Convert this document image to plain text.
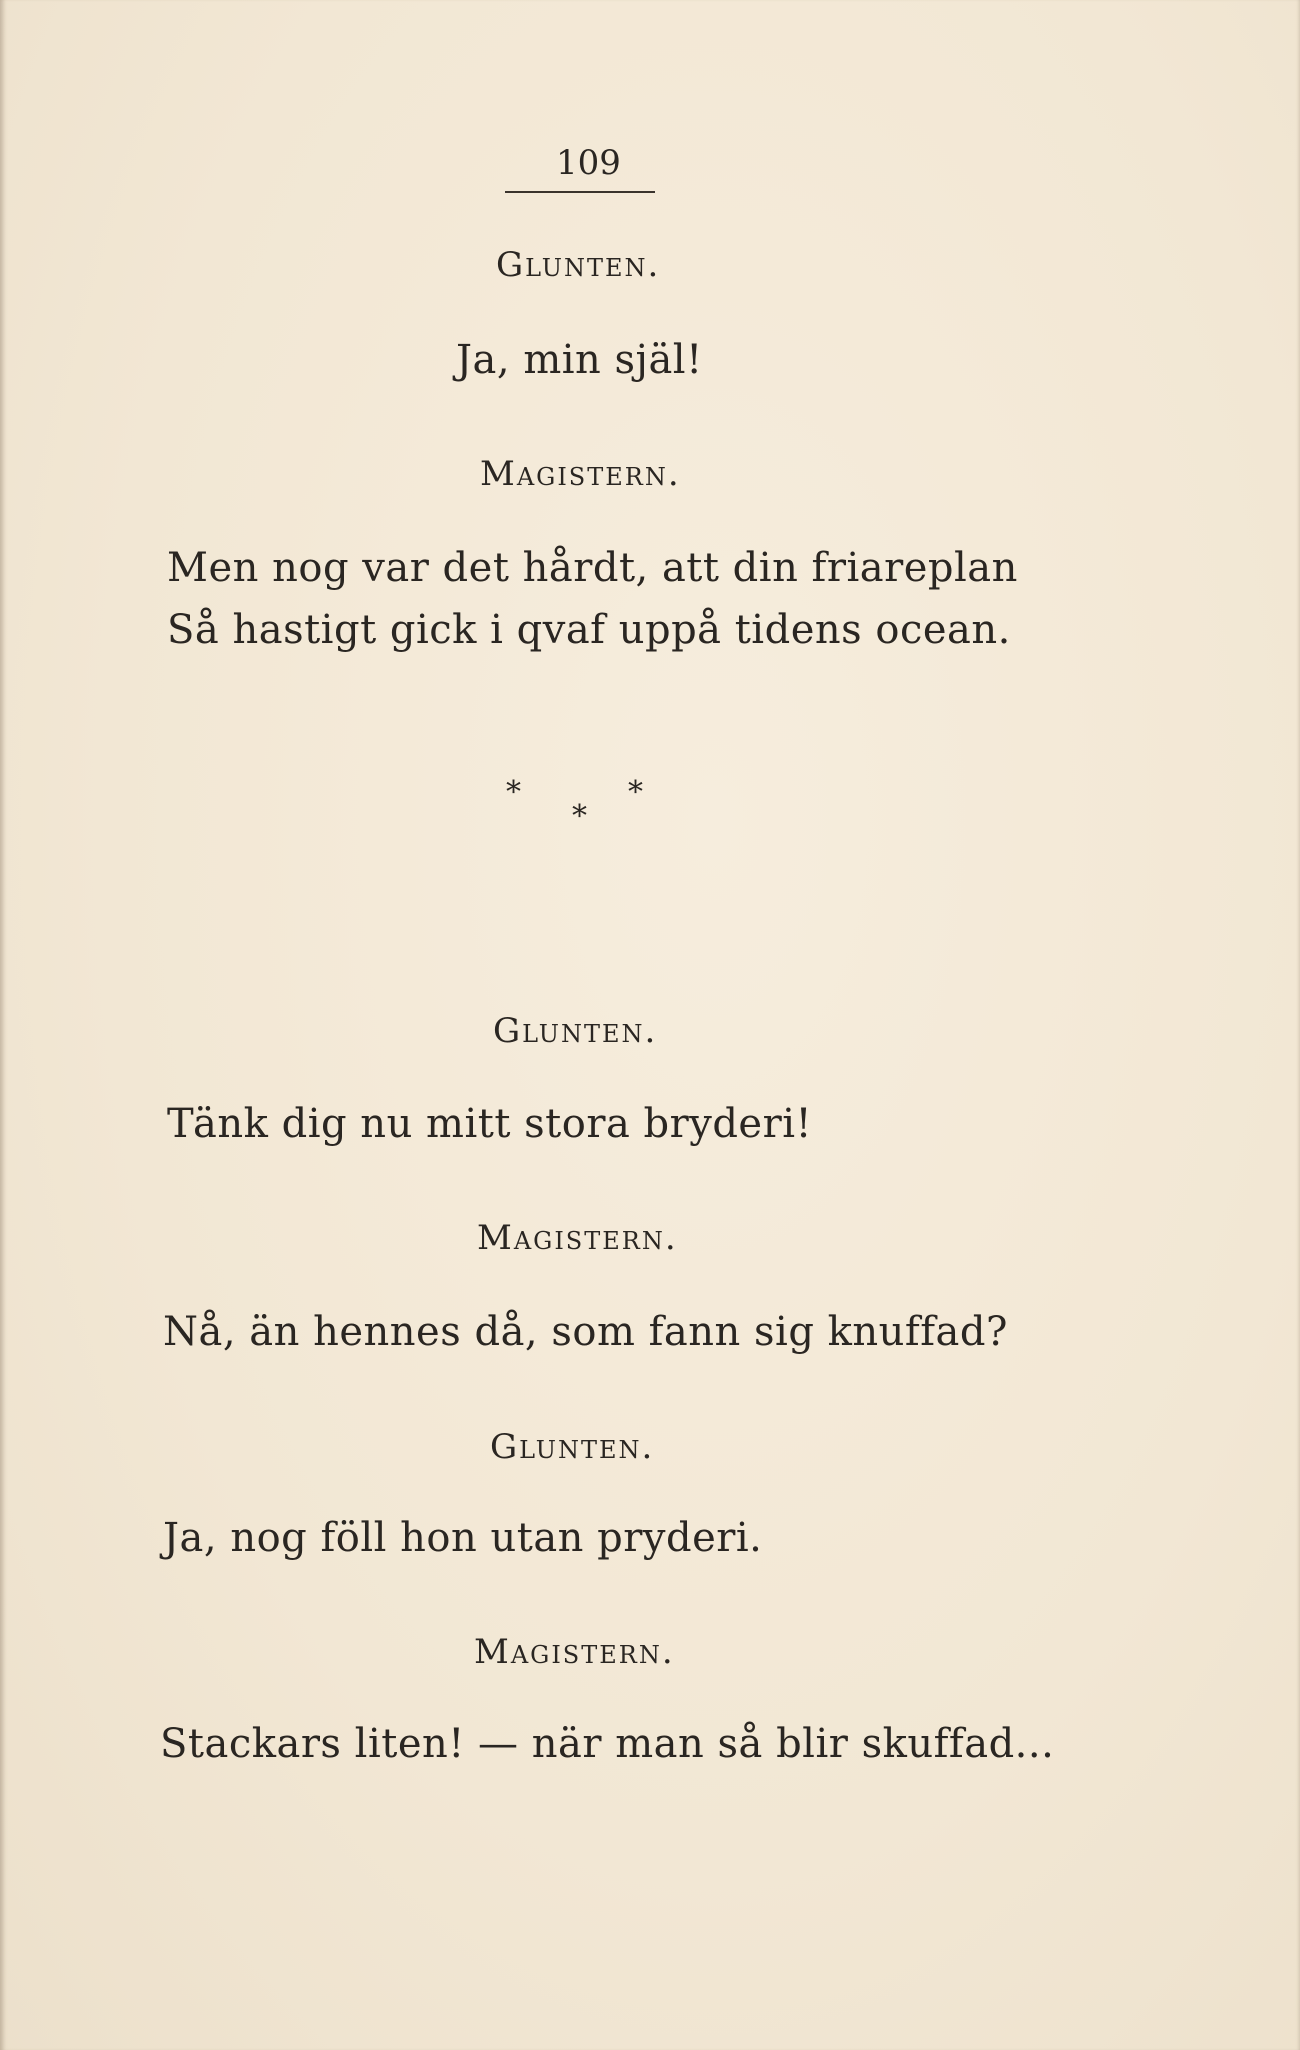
109
Glunten.
Ja, min själ!
Magistern.
Men nog var det hårdt, att din friareplan
Så hastigt gick i qvaf uppå tidens ocean.
*
*
*
Glunten.
Tänk dig nu mitt stora bryderi!
Magistern.
Nå, än hennes då, som fann sig knuffad?
Glunten.
Ja, nog föll hon utan pryderi.
Magistern.
Stackars liten! — när man så blir skuffad...
